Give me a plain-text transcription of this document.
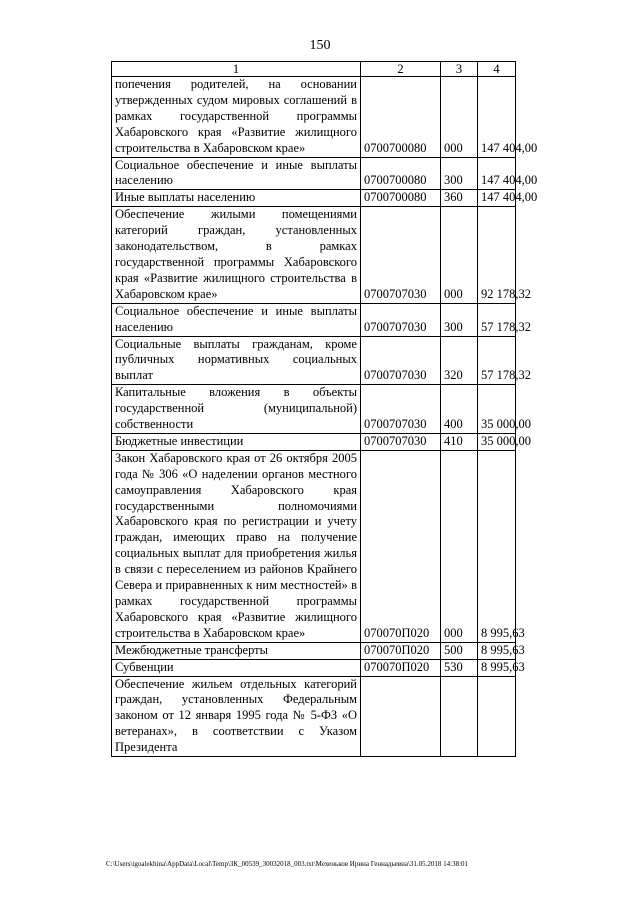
150
1	2	3	4
попечения родителей, на основании утвержденных судом мировых соглашений в рамках государственной программы Хабаровского края «Развитие жилищного строительства в Хабаровском крае»	0700700080	000	147 404,00
Социальное обеспечение и иные выплаты населению	0700700080	300	147 404,00
Иные выплаты населению	0700700080	360	147 404,00
Обеспечение жилыми помещениями категорий граждан, установленных законодательством, в рамках государственной программы Хабаровского края «Развитие жилищного строительства в Хабаровском крае»	0700707030	000	92 178,32
Социальное обеспечение и иные выплаты населению	0700707030	300	57 178,32
Социальные выплаты гражданам, кроме публичных нормативных социальных выплат	0700707030	320	57 178,32
Капитальные вложения в объекты государственной (муниципальной) собственности	0700707030	400	35 000,00
Бюджетные инвестиции	0700707030	410	35 000,00
Закон Хабаровского края от 26 октября 2005 года № 306 «О наделении органов местного самоуправления Хабаровского края государственными полномочиями Хабаровского края по регистрации и учету граждан, имеющих право на получение социальных выплат для приобретения жилья в связи с переселением из районов Крайнего Севера и приравненных к ним местностей» в рамках государственной программы Хабаровского края «Развитие жилищного строительства в Хабаровском крае»	070070П020	000	8 995,63
Межбюджетные трансферты	070070П020	500	8 995,63
Субвенции	070070П020	530	8 995,63
Обеспечение жильем отдельных категорий граждан, установленных Федеральным законом от 12 января 1995 года № 5-ФЗ «О ветеранах», в соответствии с Указом Президента			
C:\Users\igoalekhina\AppData\Local\Temp\ЗК_00539_30032018_003.txt\Мехеньков Ирина Геннадьевна\31.05.2018 14:38:01
